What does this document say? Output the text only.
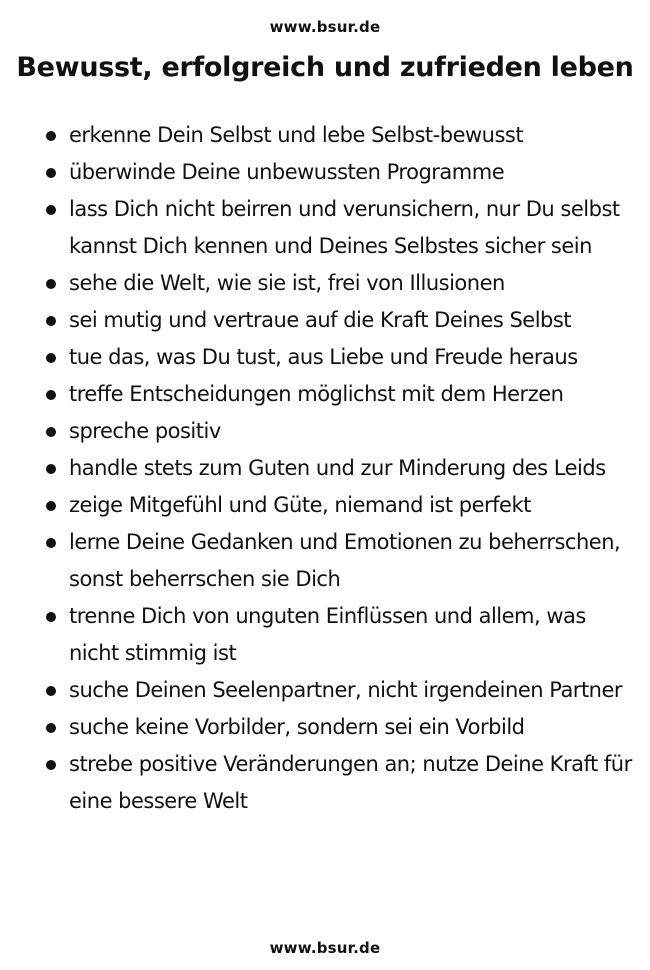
www.bsur.de
Bewusst, erfolgreich und zufrieden leben
erkenne Dein Selbst und lebe Selbst-bewusst
überwinde Deine unbewussten Programme
lass Dich nicht beirren und verunsichern, nur Du selbst kannst Dich kennen und Deines Selbstes sicher sein
sehe die Welt, wie sie ist, frei von Illusionen
sei mutig und vertraue auf die Kraft Deines Selbst
tue das, was Du tust, aus Liebe und Freude heraus
treffe Entscheidungen möglichst mit dem Herzen
spreche positiv
handle stets zum Guten und zur Minderung des Leids
zeige Mitgefühl und Güte, niemand ist perfekt
lerne Deine Gedanken und Emotionen zu beherrschen, sonst beherrschen sie Dich
trenne Dich von unguten Einflüssen und allem, was nicht stimmig ist
suche Deinen Seelenpartner, nicht irgendeinen Partner
suche keine Vorbilder, sondern sei ein Vorbild
strebe positive Veränderungen an; nutze Deine Kraft für eine bessere Welt
www.bsur.de
